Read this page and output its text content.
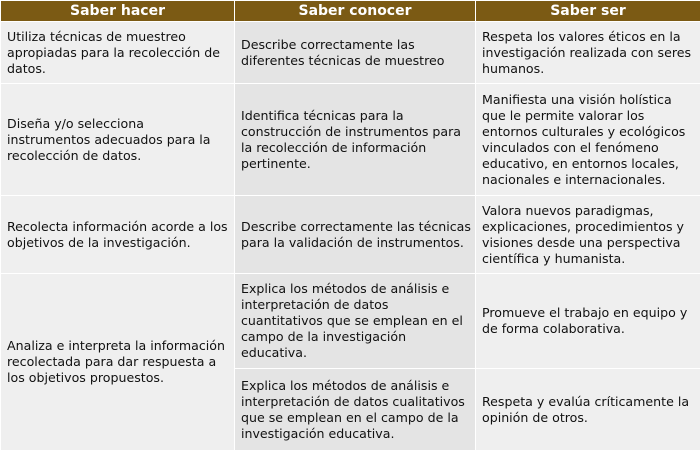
Saber hacer	Saber conocer	Saber ser

Utiliza técnicas de muestreo apropiadas para la recolección de datos.	Describe correctamente las diferentes técnicas de muestreo	Respeta los valores éticos en la investigación realizada con seres humanos.

Diseña y/o selecciona instrumentos adecuados para la recolección de datos.	Identifica técnicas para la construcción de instrumentos para la recolección de información pertinente.	Manifiesta una visión holística que le permite valorar los entornos culturales y ecológicos vinculados con el fenómeno educativo, en entornos locales, nacionales e internacionales.

Recolecta información acorde a los objetivos de la investigación.	Describe correctamente las técnicas para la validación de instrumentos.	Valora nuevos paradigmas, explicaciones, procedimientos y visiones desde una perspectiva científica y humanista.

Analiza e interpreta la información recolectada para dar respuesta a los objetivos propuestos.	Explica los métodos de análisis e interpretación de datos cuantitativos que se emplean en el campo de la investigación educativa.	Promueve el trabajo en equipo y de forma colaborativa.

	Explica los métodos de análisis e interpretación de datos cualitativos que se emplean en el campo de la investigación educativa.	Respeta y evalúa críticamente la opinión de otros.
